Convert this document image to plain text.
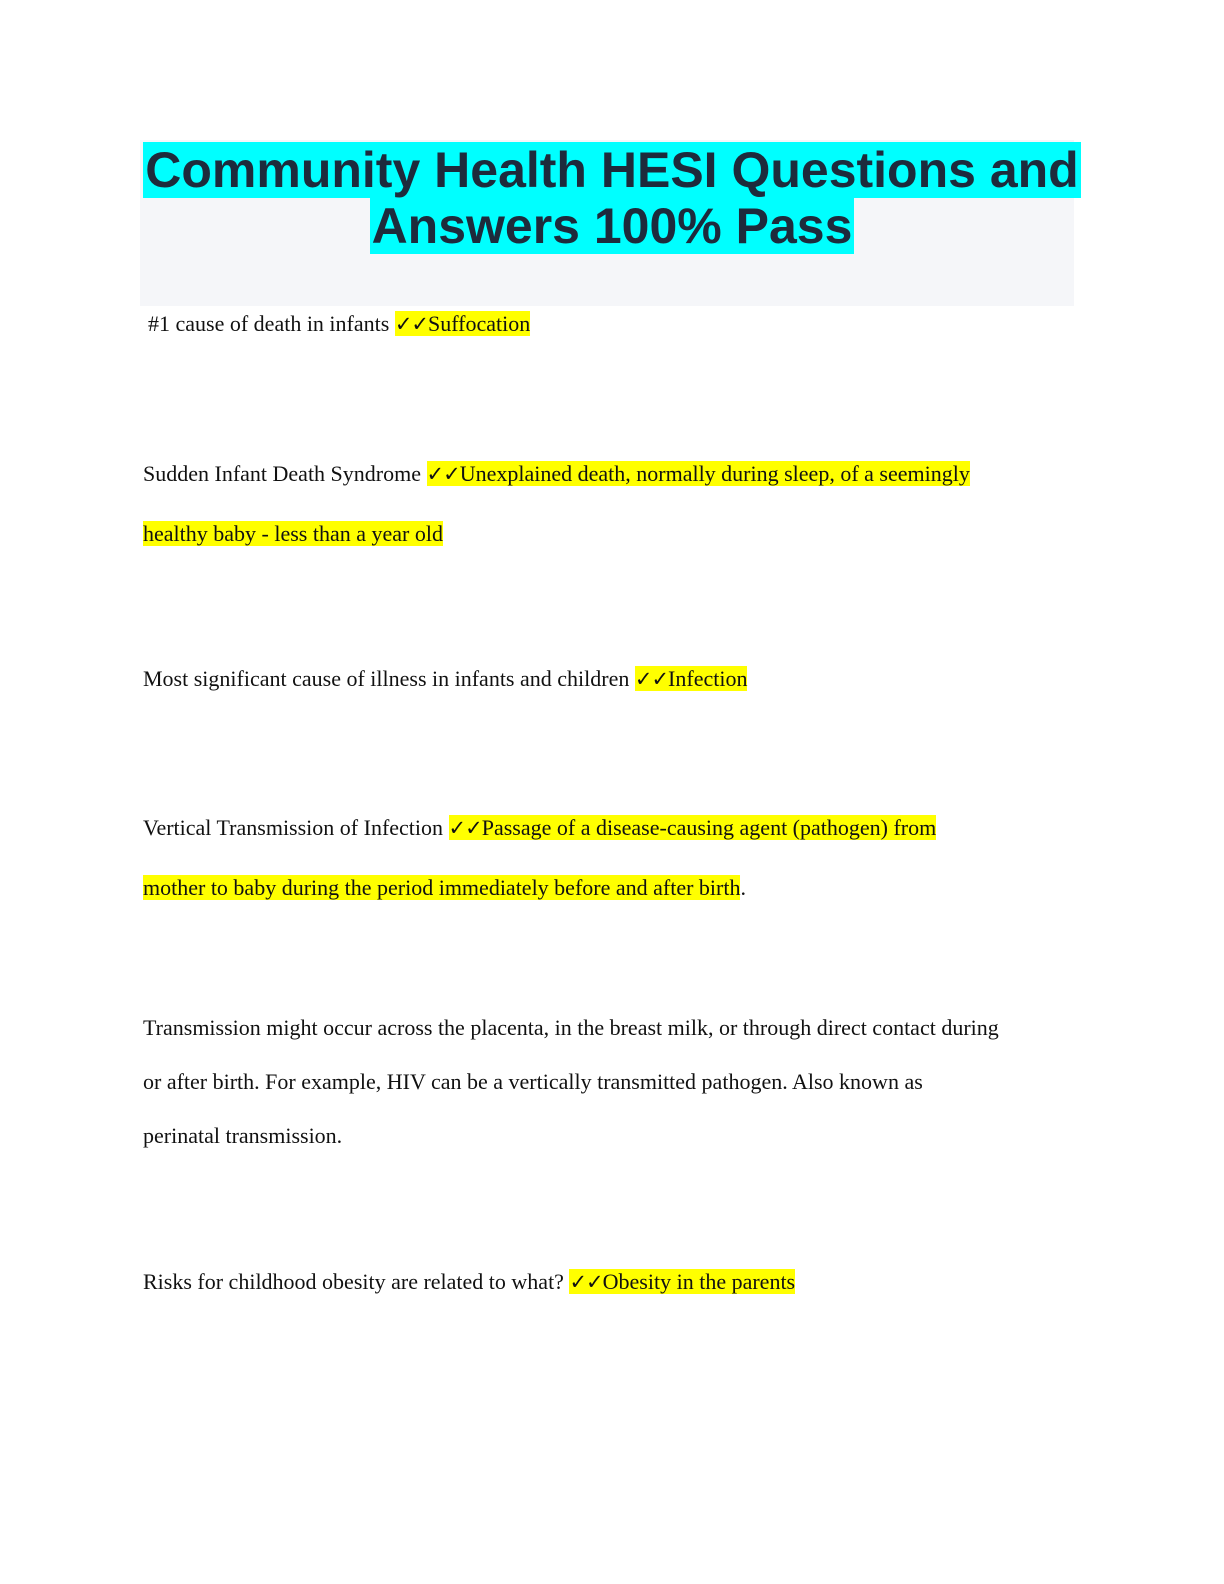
Community Health HESI Questions and
Answers 100% Pass

#1 cause of death in infants ✓✓Suffocation

Sudden Infant Death Syndrome ✓✓Unexplained death, normally during sleep, of a seemingly
healthy baby - less than a year old

Most significant cause of illness in infants and children ✓✓Infection

Vertical Transmission of Infection ✓✓Passage of a disease-causing agent (pathogen) from
mother to baby during the period immediately before and after birth.

Transmission might occur across the placenta, in the breast milk, or through direct contact during
or after birth. For example, HIV can be a vertically transmitted pathogen. Also known as
perinatal transmission.

Risks for childhood obesity are related to what? ✓✓Obesity in the parents
